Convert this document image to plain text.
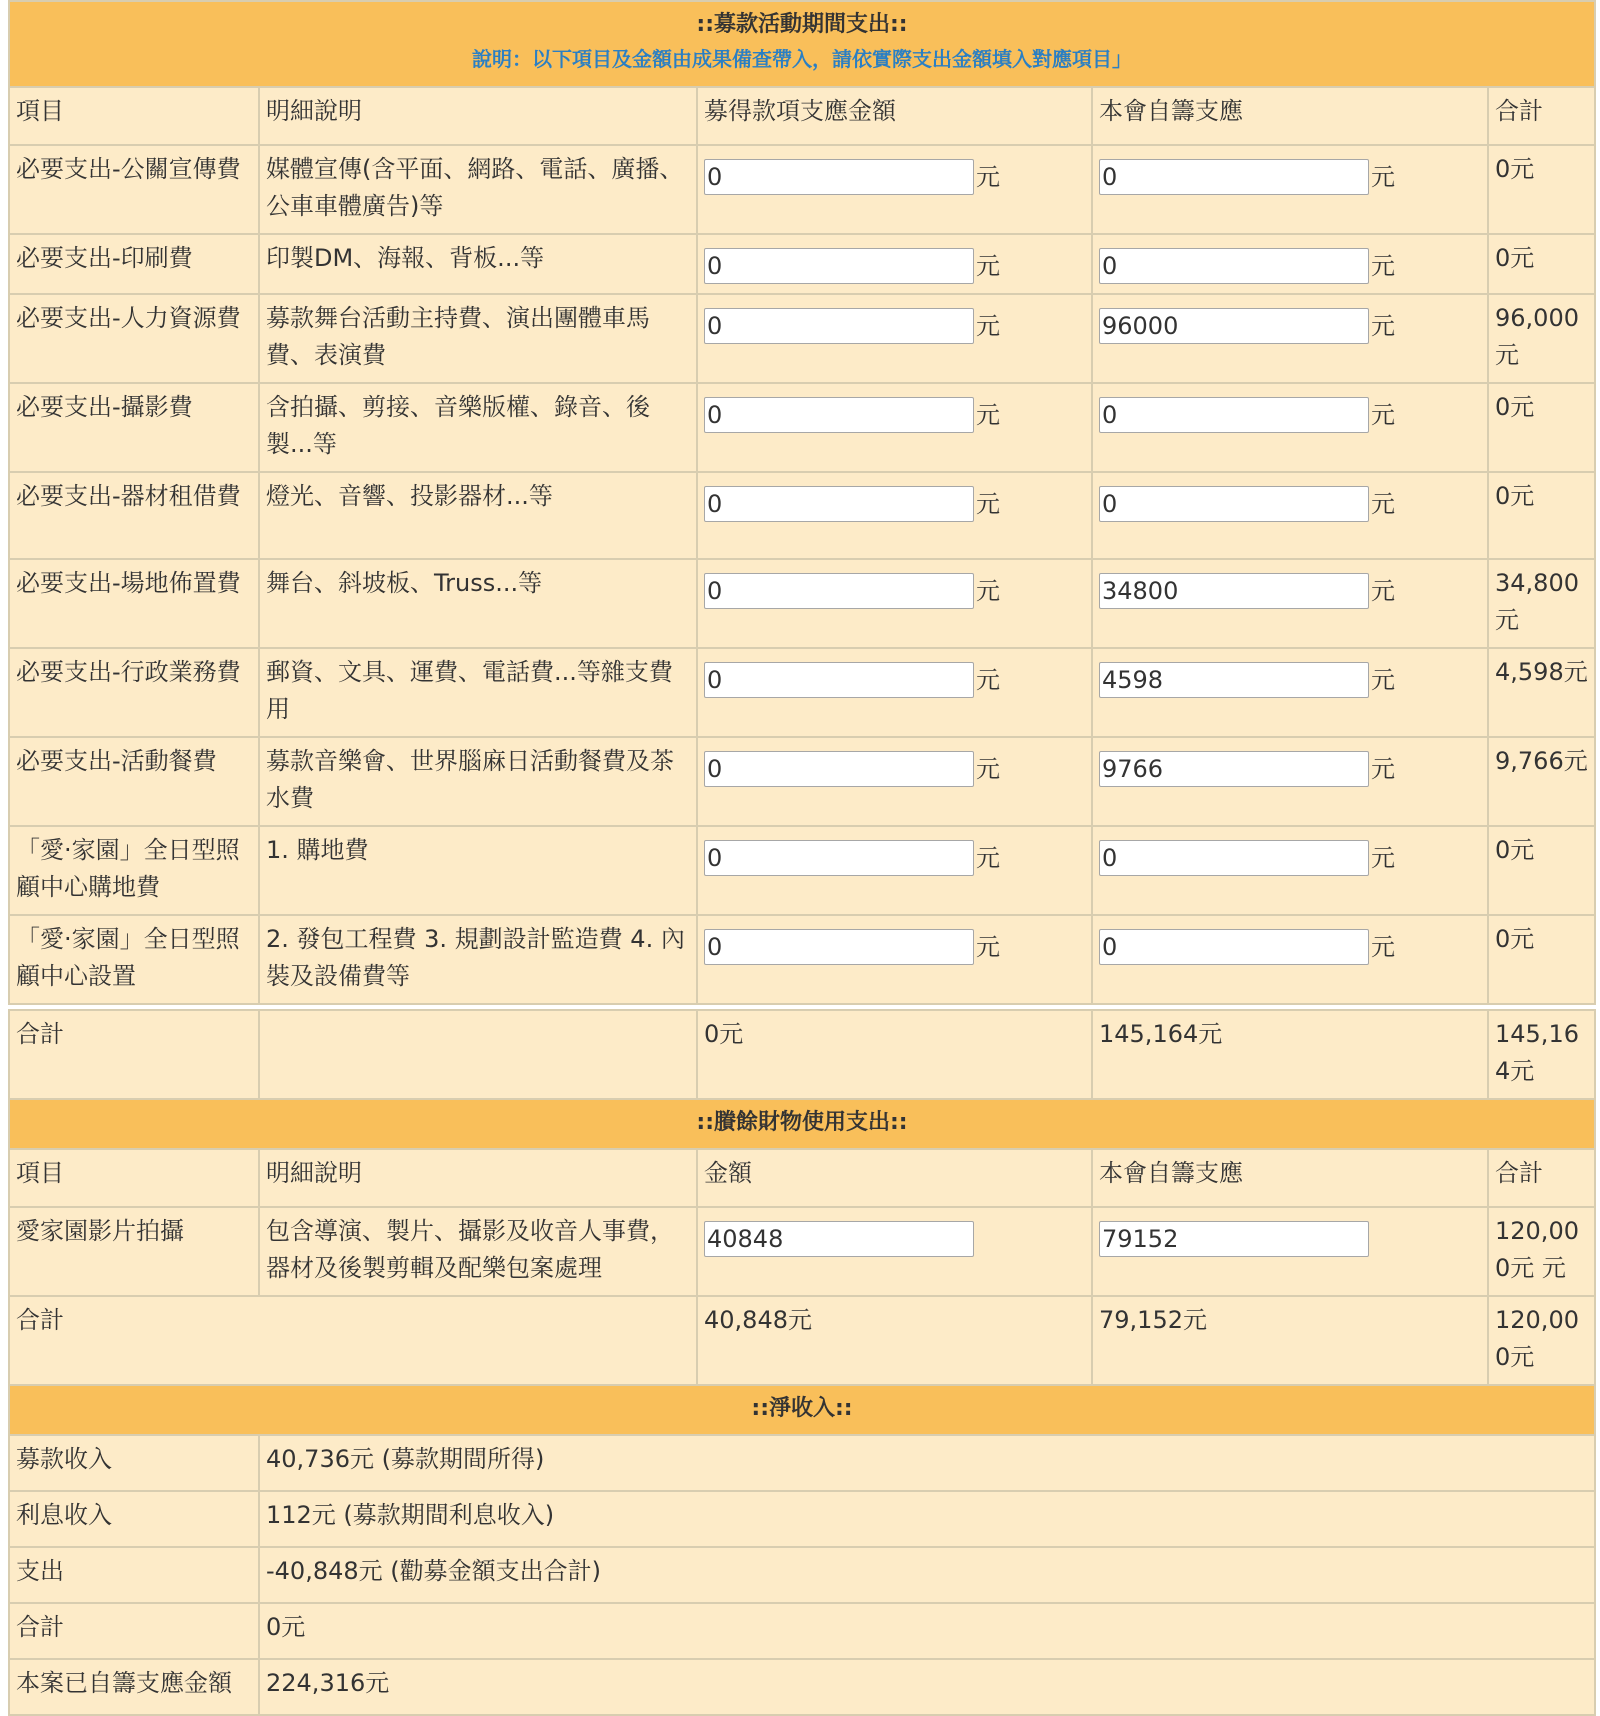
::募款活動期間支出::
說明：以下項目及金額由成果備查帶入，請依實際支出金額填入對應項目」				

項目	明細說明	募得款項支應金額	本會自籌支應	合計
必要支出-公關宣傳費	媒體宣傳(含平面、網路、電話、廣播、公車車體廣告)等	0元	0元	0元
必要支出-印刷費	印製DM、海報、背板...等	0元	0元	0元
必要支出-人力資源費	募款舞台活動主持費、演出團體車馬費、表演費	0元	96000元	96,000元
必要支出-攝影費	含拍攝、剪接、音樂版權、錄音、後製...等	0元	0元	0元
必要支出-器材租借費	燈光、音響、投影器材...等	0元	0元	0元
必要支出-場地佈置費	舞台、斜坡板、Truss...等	0元	34800元	34,800元
必要支出-行政業務費	郵資、文具、運費、電話費...等雜支費用	0元	4598元	4,598元
必要支出-活動餐費	募款音樂會、世界腦麻日活動餐費及茶水費	0元	9766元	9,766元
「愛·家園」全日型照顧中心購地費	1. 購地費	0元	0元	0元
「愛·家園」全日型照顧中心設置	2. 發包工程費 3. 規劃設計監造費 4. 內裝及設備費等	0元	0元	0元

合計		0元	145,164元	145,164元

::賸餘財物使用支出::				

項目	明細說明	金額	本會自籌支應	合計
愛家園影片拍攝	包含導演、製片、攝影及收音人事費，器材及後製剪輯及配樂包案處理	40848	79152	120,000元 元
合計		40,848元	79,152元	120,000元

::淨收入::				

募款收入	40,736元 (募款期間所得)			
利息收入	112元 (募款期間利息收入)			
支出	-40,848元 (勸募金額支出合計)			
合計	0元			
本案已自籌支應金額	224,316元			
